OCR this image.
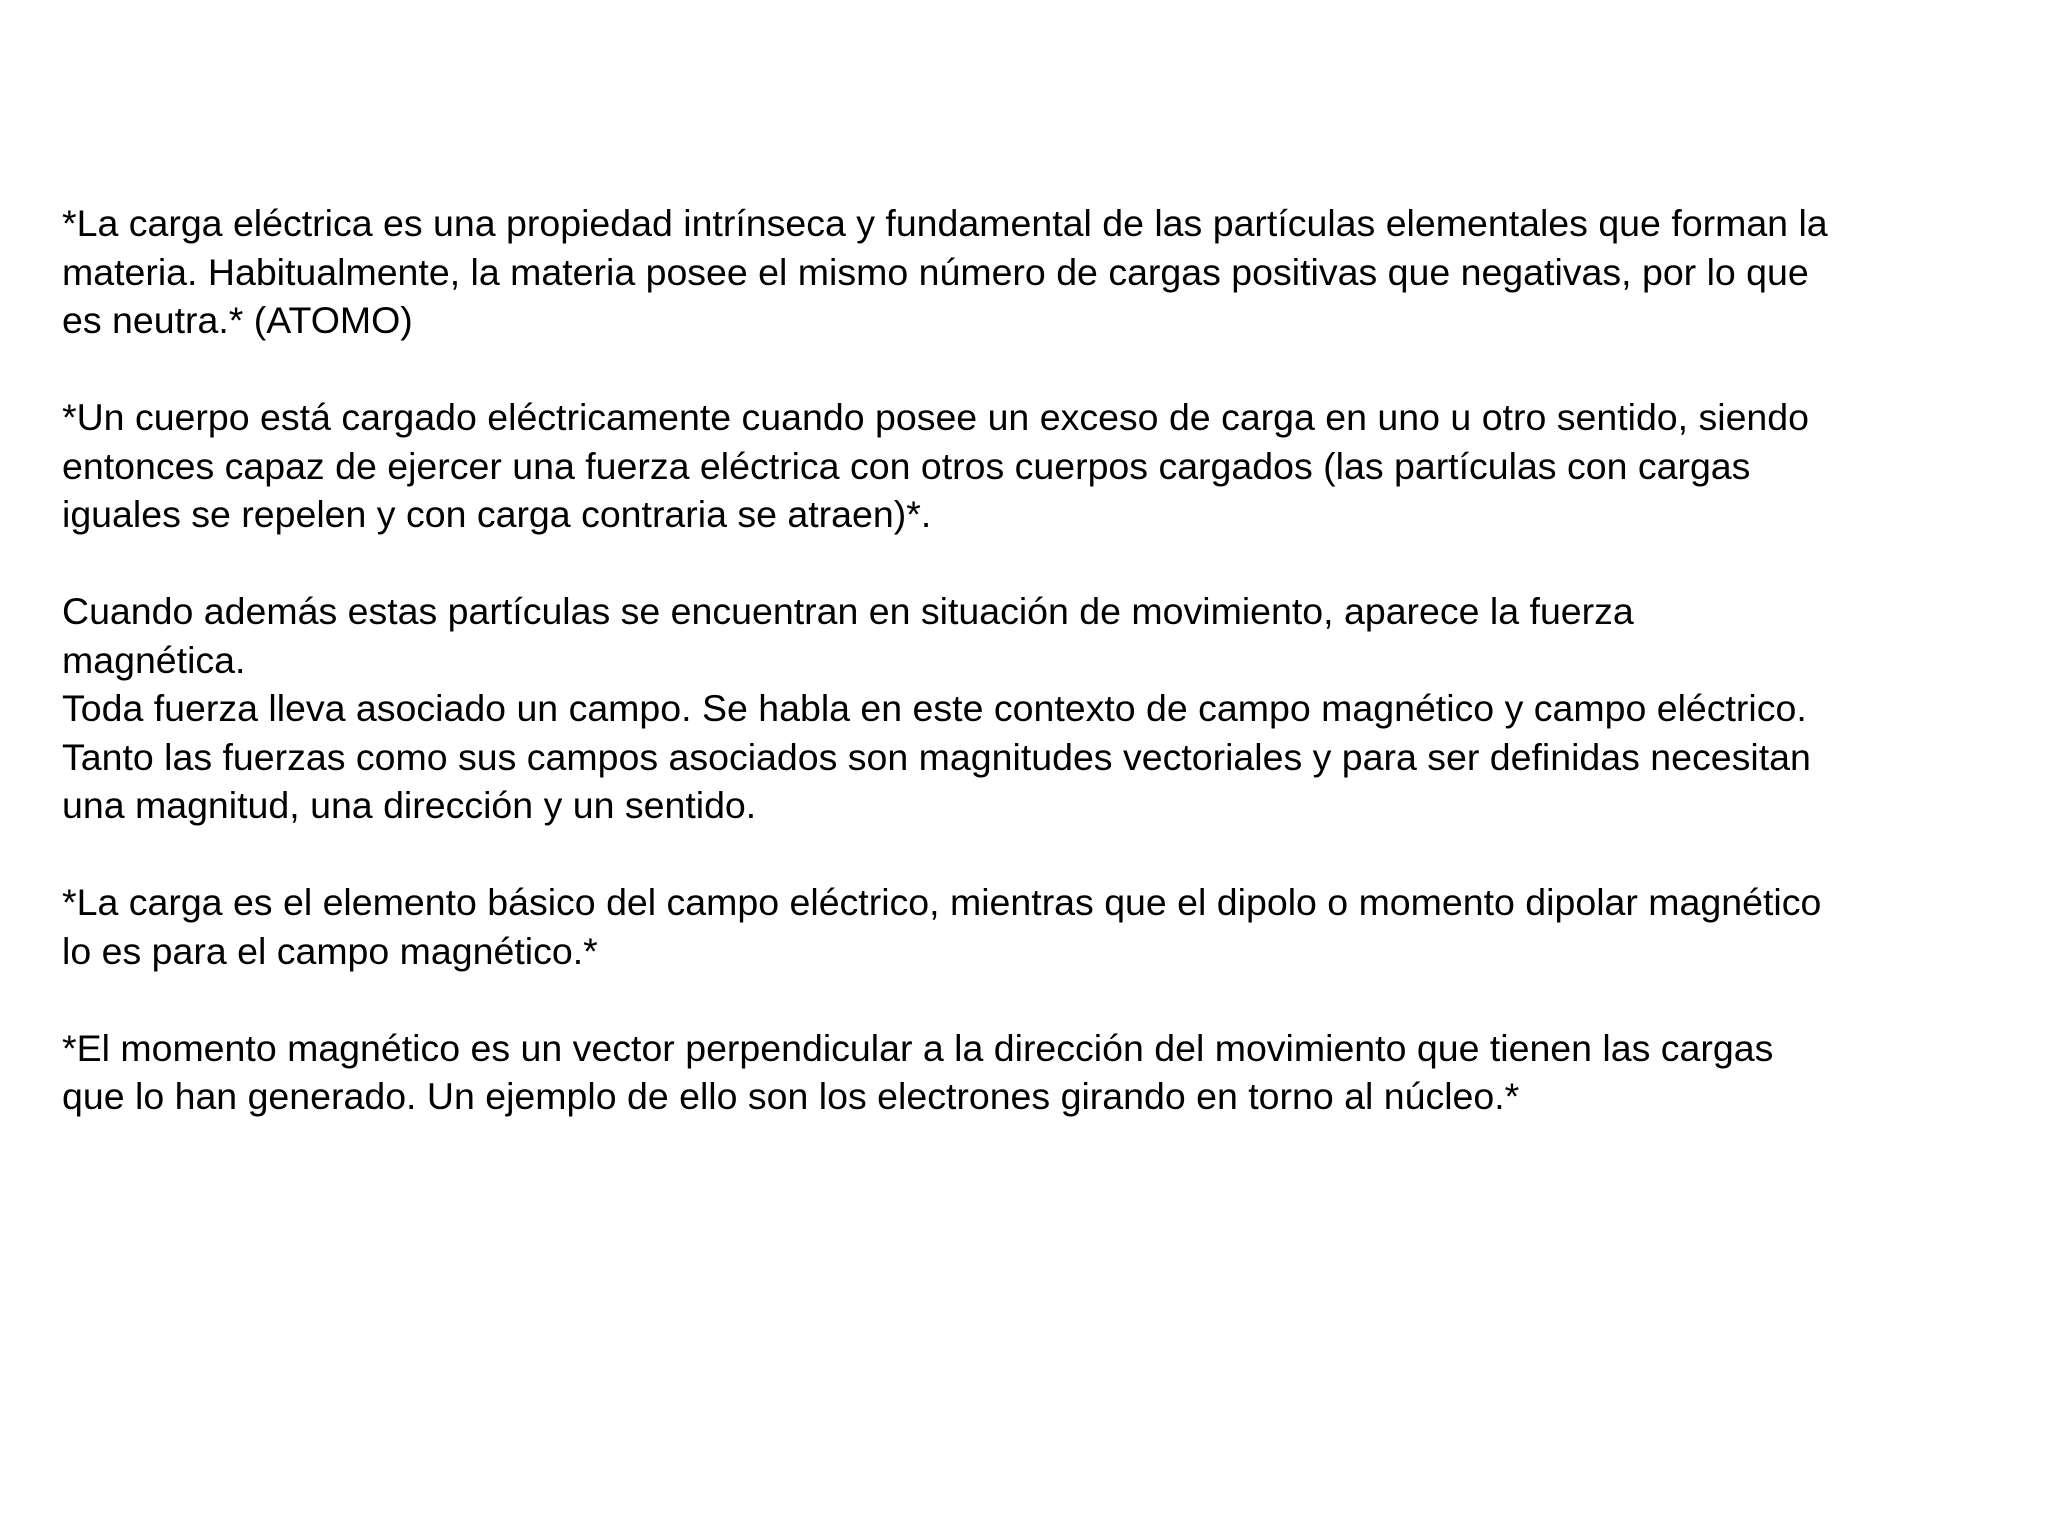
*La carga eléctrica es una propiedad intrínseca y fundamental de las partículas elementales que forman la
materia. Habitualmente, la materia posee el mismo número de cargas positivas que negativas, por lo que
es neutra.* (ATOMO)
*Un cuerpo está cargado eléctricamente cuando posee un exceso de carga en uno u otro sentido, siendo
entonces capaz de ejercer una fuerza eléctrica con otros cuerpos cargados (las partículas con cargas
iguales se repelen y con carga contraria se atraen)*.
Cuando además estas partículas se encuentran en situación de movimiento, aparece la fuerza
magnética.
Toda fuerza lleva asociado un campo. Se habla en este contexto de campo magnético y campo eléctrico.
Tanto las fuerzas como sus campos asociados son magnitudes vectoriales y para ser definidas necesitan
una magnitud, una dirección y un sentido.
*La carga es el elemento básico del campo eléctrico, mientras que el dipolo o momento dipolar magnético
lo es para el campo magnético.*
*El momento magnético es un vector perpendicular a la dirección del movimiento que tienen las cargas
que lo han generado. Un ejemplo de ello son los electrones girando en torno al núcleo.*
